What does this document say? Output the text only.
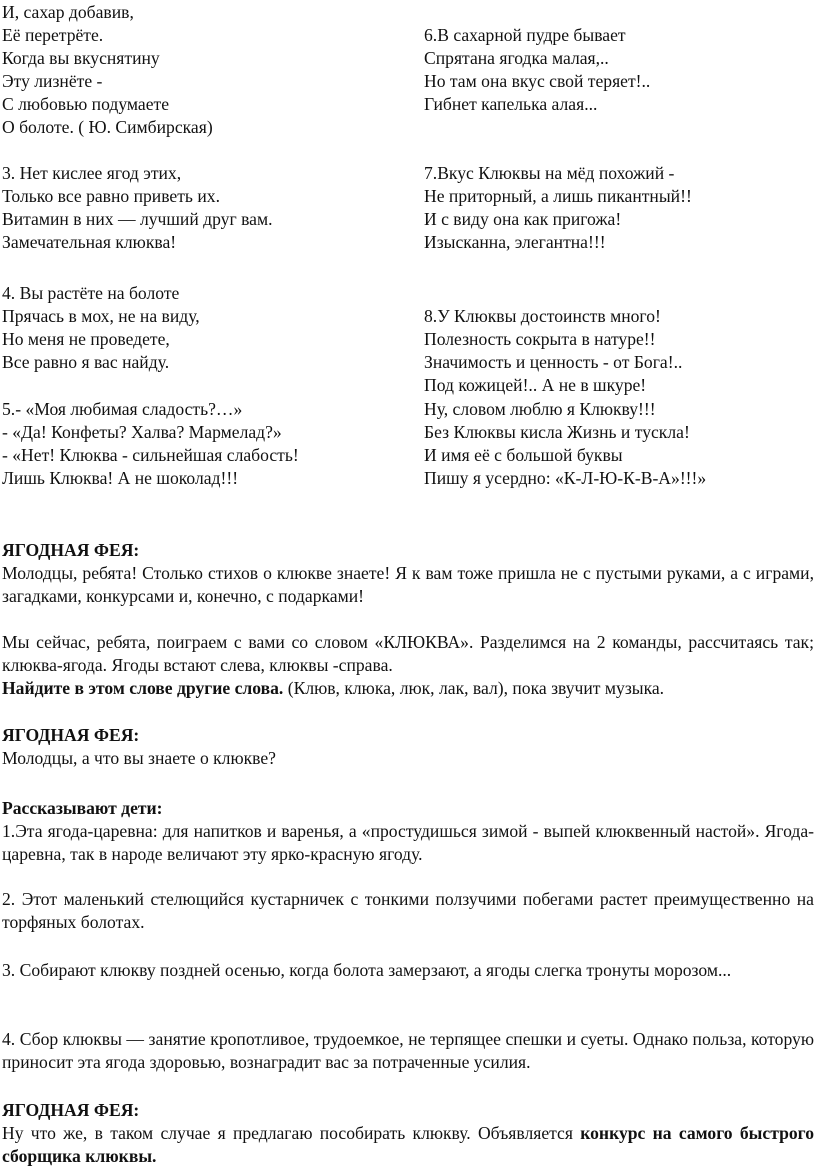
И, сахар добавив,
Её перетрёте.
Когда вы вкуснятину
Эту лизнёте -
С любовью подумаете
О болоте. ( Ю. Симбирская)
3. Нет кислее ягод этих,
Только все равно приветь их.
Витамин в них — лучший друг вам.
Замечательная клюква!
4. Вы растёте на болоте
Прячась в мох, не на виду,
Но меня не проведете,
Все равно я вас найду.
5.- «Моя любимая сладость?…»
- «Да! Конфеты? Халва? Мармелад?»
- «Нет! Клюква - сильнейшая слабость!
Лишь Клюква! А не шоколад!!!
6.В сахарной пудре бывает
Спрятана ягодка малая,..
Но там она вкус свой теряет!..
Гибнет капелька алая...
7.Вкус Клюквы на мёд похожий -
Не приторный, а лишь пикантный!!
И с виду она как пригожа!
Изысканна, элегантна!!!
8.У Клюквы достоинств много!
Полезность сокрыта в натуре!!
Значимость и ценность - от Бога!..
Под кожицей!.. А не в шкуре!
Ну, словом люблю я Клюкву!!!
Без Клюквы кисла Жизнь и тускла!
И имя её с большой буквы
Пишу я усердно: «К-Л-Ю-К-В-А»!!!»
ЯГОДНАЯ ФЕЯ:

Молодцы, ребята! Столько стихов о клюкве знаете! Я к вам тоже пришла не с пустыми руками, а с играми, загадками, конкурсами и, конечно, с подарками!

Мы сейчас, ребята, поиграем с вами со словом «КЛЮКВА». Разделимся на 2 команды, рассчитаясь так; клюква-ягода. Ягоды встают слева, клюквы -справа.

Найдите в этом слове другие слова. (Клюв, клюка, люк, лак, вал), пока звучит музыка.
ЯГОДНАЯ ФЕЯ:
Молодцы, а что вы знаете о клюкве?
Рассказывают дети:

1.Эта ягода-царевна: для напитков и варенья, а «простудишься зимой - выпей клюквенный настой». Ягода-царевна, так в народе величают эту ярко-красную ягоду.

2. Этот маленький стелющийся кустарничек с тонкими ползучими побегами растет преимущественно на торфяных болотах.

3. Собирают клюкву поздней осенью, когда болота замерзают, а ягоды слегка тронуты морозом...

4. Сбор клюквы — занятие кропотливое, трудоемкое, не терпящее спешки и суеты. Однако польза, которую приносит эта ягода здоровью, вознаградит вас за потраченные усилия.

ЯГОДНАЯ ФЕЯ:

Ну что же, в таком случае я предлагаю пособирать клюкву. Объявляется конкурс на самого быстрого сборщика клюквы.
